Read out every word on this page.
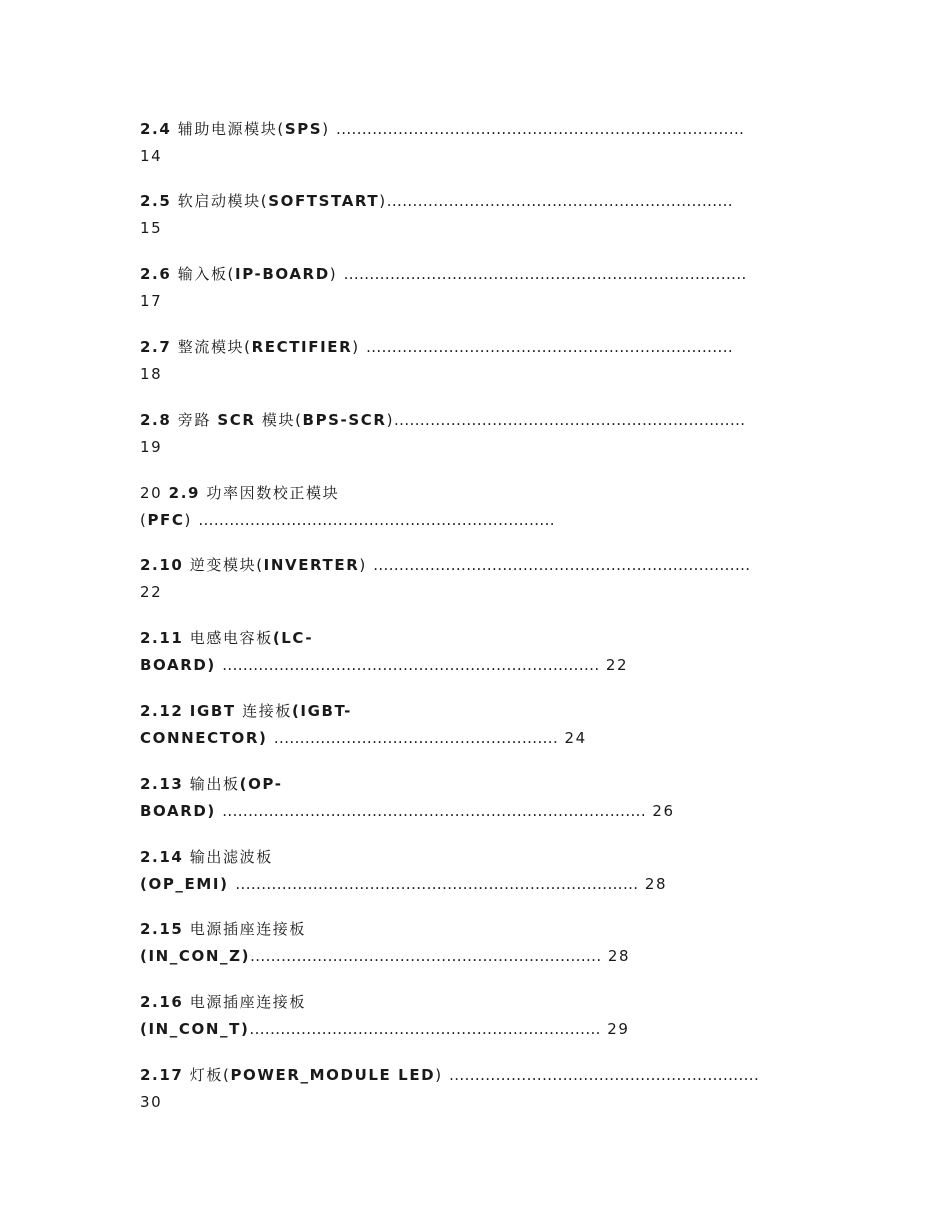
2.4 辅助电源模块(SPS) ...............................................................................
14
2.5 软启动模块(SOFTSTART)...................................................................
15
2.6 输入板(IP-BOARD) ..............................................................................
17
2.7 整流模块(RECTIFIER) .......................................................................
18
2.8 旁路 SCR 模块(BPS-SCR)....................................................................
19
20 2.9 功率因数校正模块
(PFC) .....................................................................
2.10 逆变模块(INVERTER) .........................................................................
22
2.11 电感电容板(LC-
BOARD) ......................................................................... 22
2.12 IGBT 连接板(IGBT-
CONNECTOR) ....................................................... 24
2.13 输出板(OP-
BOARD) .................................................................................. 26
2.14 输出滤波板
(OP_EMI) .............................................................................. 28
2.15 电源插座连接板
(IN_CON_Z).................................................................... 28
2.16 电源插座连接板
(IN_CON_T).................................................................... 29
2.17 灯板(POWER_MODULE LED) ............................................................
30
